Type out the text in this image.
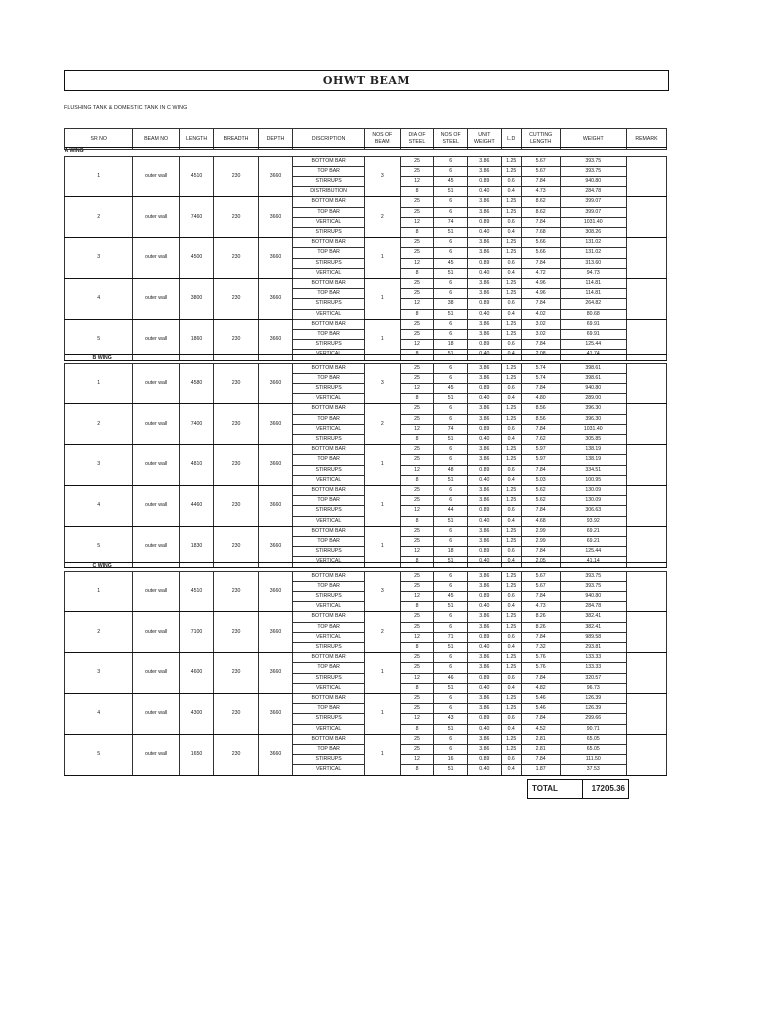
OHWT BEAM
FLUSHING TANK & DOMESTIC TANK IN C WING
SR NO	BEAM NO	LENGTH	BREADTH	DEPTH	DISCRIPTION	NOS OF BEAM	DIA OF STEEL	NOS OF STEEL	UNIT WEIGHT	L.D	CUTTING LENGTH	WEIGHT	REMARK
A WING													
1	outer wall	4510	230	3660	BOTTOM BAR	3	25	6	3.86	1.25	5.67	393.75	
					TOP BAR		25	6	3.86	1.25	5.67	393.75	
					STIRRUPS		12	45	0.89	0.6	7.84	940.80	
					DISTRIBUTION		8	51	0.40	0.4	4.73	284.78	
2	outer wall	7460	230	3660	BOTTOM BAR	2	25	6	3.86	1.25	8.62	399.07	
					TOP BAR		25	6	3.86	1.25	8.62	399.07	
					VERTICAL		12	74	0.89	0.6	7.84	1031.40	
					STIRRUPS		8	51	0.40	0.4	7.68	308.26	
3	outer wall	4500	230	3660	BOTTOM BAR	1	25	6	3.86	1.25	5.66	131.02	
					TOP BAR		25	6	3.86	1.25	5.66	131.02	
					STIRRUPS		12	45	0.89	0.6	7.84	313.60	
					VERTICAL		8	51	0.40	0.4	4.72	94.73	
4	outer wall	3800	230	3660	BOTTOM BAR	1	25	6	3.86	1.25	4.96	114.81	
					TOP BAR		25	6	3.86	1.25	4.96	114.81	
					STIRRUPS		12	38	0.89	0.6	7.84	264.82	
					VERTICAL		8	51	0.40	0.4	4.02	80.68	
5	outer wall	1860	230	3660	BOTTOM BAR	1	25	6	3.86	1.25	3.02	69.91	
					TOP BAR		25	6	3.86	1.25	3.02	69.91	
					STIRRUPS		12	18	0.89	0.6	7.84	125.44	
					VERTICAL		8	51	0.40	0.4	2.08	41.74	
B WING													
1	outer wall	4580	230	3660	BOTTOM BAR	3	25	6	3.86	1.25	5.74	398.61	
					TOP BAR		25	6	3.86	1.25	5.74	398.61	
					STIRRUPS		12	45	0.89	0.6	7.84	940.80	
					VERTICAL		8	51	0.40	0.4	4.80	289.00	
2	outer wall	7400	230	3660	BOTTOM BAR	2	25	6	3.86	1.25	8.56	396.30	
					TOP BAR		25	6	3.86	1.25	8.56	396.30	
					VERTICAL		12	74	0.89	0.6	7.84	1031.40	
					STIRRUPS		8	51	0.40	0.4	7.62	305.85	
3	outer wall	4810	230	3660	BOTTOM BAR	1	25	6	3.86	1.25	5.97	138.19	
					TOP BAR		25	6	3.86	1.25	5.97	138.19	
					STIRRUPS		12	48	0.89	0.6	7.84	334.51	
					VERTICAL		8	51	0.40	0.4	5.03	100.95	
4	outer wall	4460	230	3660	BOTTOM BAR	1	25	6	3.86	1.25	5.62	130.09	
					TOP BAR		25	6	3.86	1.25	5.62	130.09	
					STIRRUPS		12	44	0.89	0.6	7.84	306.63	
					VERTICAL		8	51	0.40	0.4	4.68	93.92	
5	outer wall	1830	230	3660	BOTTOM BAR	1	25	6	3.86	1.25	2.99	69.21	
					TOP BAR		25	6	3.86	1.25	2.99	69.21	
					STIRRUPS		12	18	0.89	0.6	7.84	125.44	
					VERTICAL		8	51	0.40	0.4	2.05	41.14	
C WING													
1	outer wall	4510	230	3660	BOTTOM BAR	3	25	6	3.86	1.25	5.67	393.75	
					TOP BAR		25	6	3.86	1.25	5.67	393.75	
					STIRRUPS		12	45	0.89	0.6	7.84	940.80	
					VERTICAL		8	51	0.40	0.4	4.73	284.78	
2	outer wall	7100	230	3660	BOTTOM BAR	2	25	6	3.86	1.25	8.26	382.41	
					TOP BAR		25	6	3.86	1.25	8.26	382.41	
					VERTICAL		12	71	0.89	0.6	7.84	989.58	
					STIRRUPS		8	51	0.40	0.4	7.32	293.81	
3	outer wall	4600	230	3660	BOTTOM BAR	1	25	6	3.86	1.25	5.76	133.33	
					TOP BAR		25	6	3.86	1.25	5.76	133.33	
					STIRRUPS		12	46	0.89	0.6	7.84	320.57	
					VERTICAL		8	51	0.40	0.4	4.82	96.73	
4	outer wall	4300	230	3660	BOTTOM BAR	1	25	6	3.86	1.25	5.46	126.39	
					TOP BAR		25	6	3.86	1.25	5.46	126.39	
					STIRRUPS		12	43	0.89	0.6	7.84	299.66	
					VERTICAL		8	51	0.40	0.4	4.52	90.71	
5	outer wall	1650	230	3660	BOTTOM BAR	1	25	6	3.86	1.25	2.81	65.05	
					TOP BAR		25	6	3.86	1.25	2.81	65.05	
					STIRRUPS		12	16	0.89	0.6	7.84	111.50	
					VERTICAL		8	51	0.40	0.4	1.87	37.53	
TOTAL	17205.36
